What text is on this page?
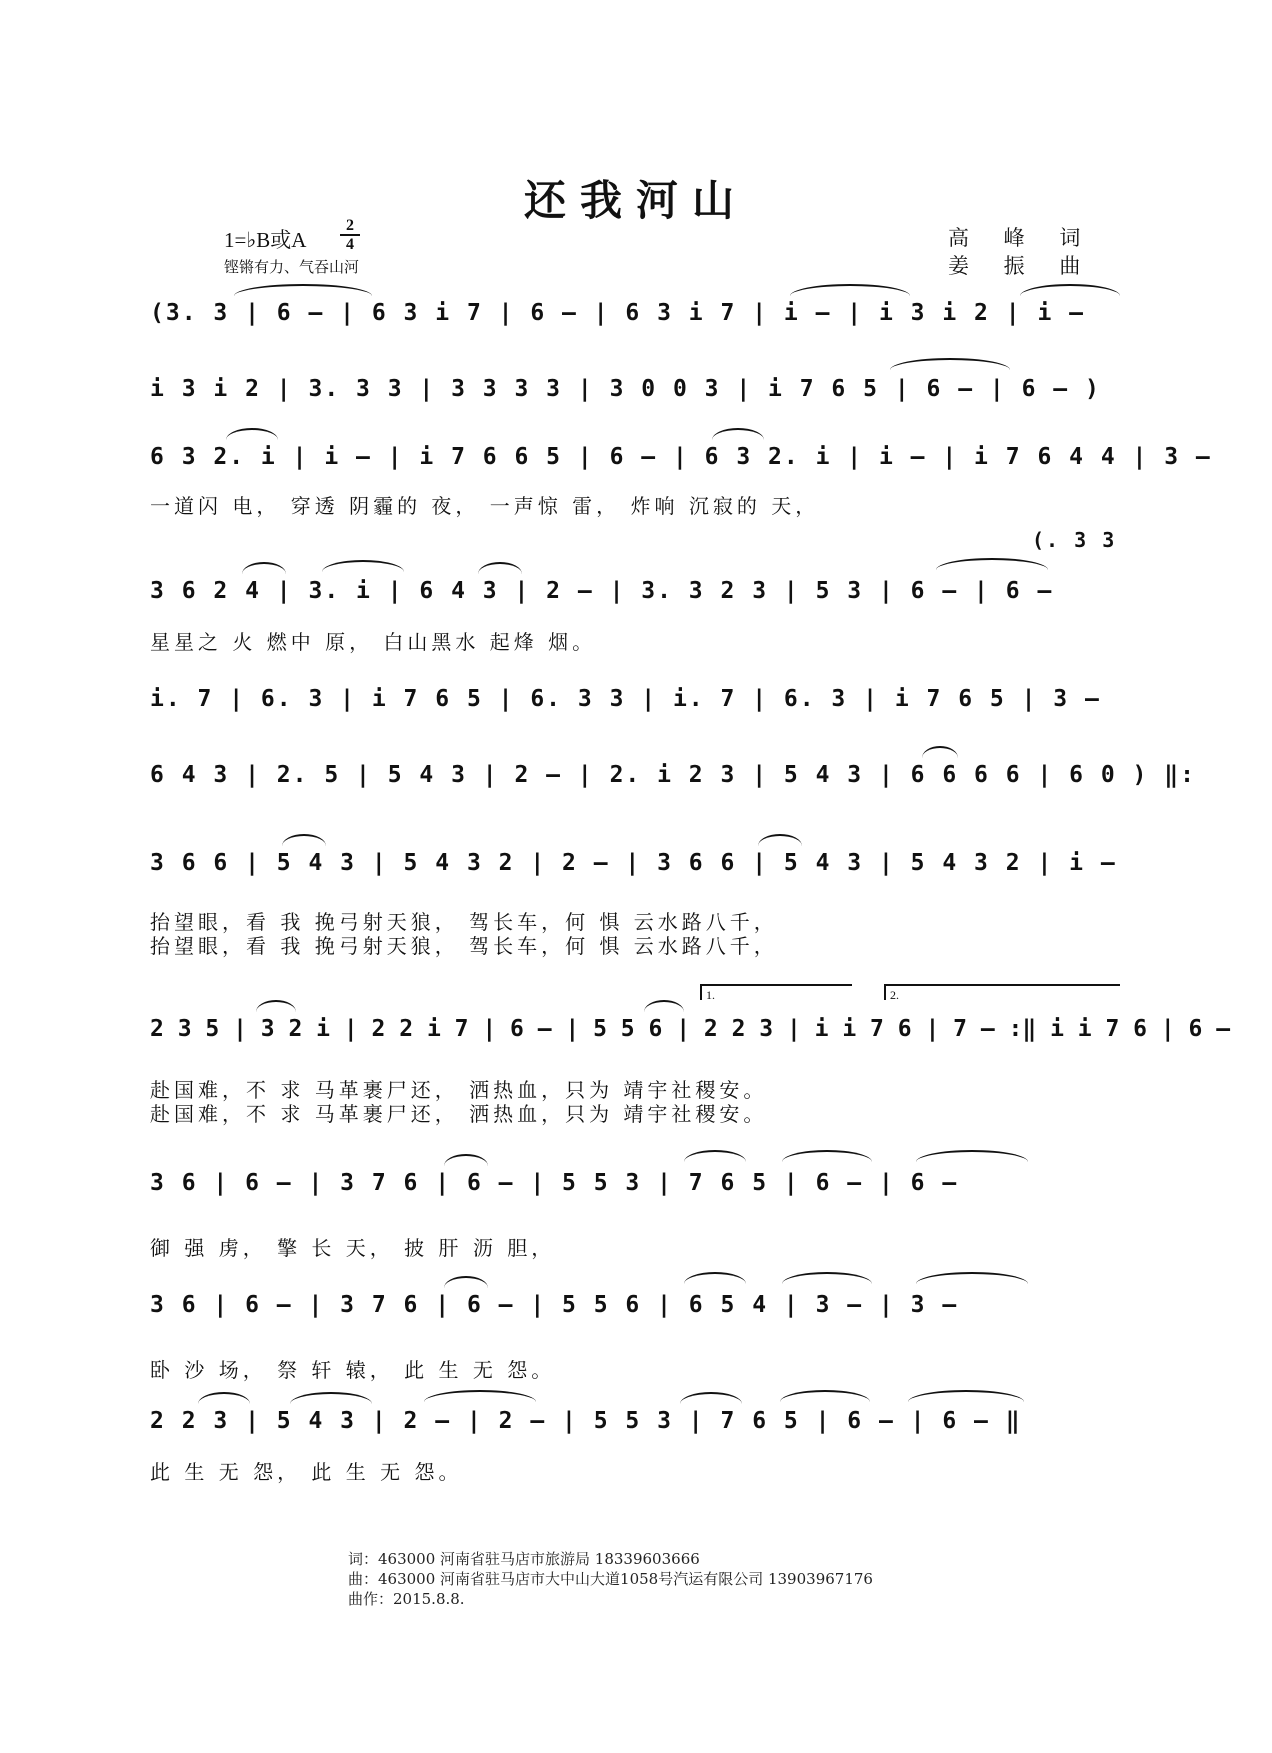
还我河山
1=♭B或A
2
4
铿锵有力、气吞山河
高 峰 词
姜 振 曲
(3. 3 | 6 – | 6 3 i 7 | 6 – | 6 3 i 7 | i – | i 3 i 2 | i –
i 3 i 2 | 3. 3 3 | 3 3 3 3 | 3 0 0 3 | i 7 6 5 | 6 – | 6 – )
6 3 2. i | i – | i 7 6 6 5 | 6 – | 6 3 2. i | i – | i 7 6 4 4 | 3 –
一道闪 电， 穿透 阴霾的 夜， 一声惊 雷， 炸响 沉寂的 天，
(. 3 3
3 6 2 4 | 3. i | 6 4 3 | 2 – | 3. 3 2 3 | 5 3 | 6 – | 6 –
星星之 火 燃中 原， 白山黑水 起烽 烟。
i. 7 | 6. 3 | i 7 6 5 | 6. 3 3 | i. 7 | 6. 3 | i 7 6 5 | 3 –
6 4 3 | 2. 5 | 5 4 3 | 2 – | 2. i 2 3 | 5 4 3 | 6 6 6 6 | 6 0 ) ‖:
3 6 6 | 5 4 3 | 5 4 3 2 | 2 – | 3 6 6 | 5 4 3 | 5 4 3 2 | i –
抬望眼，看 我 挽弓射天狼， 驾长车，何 惧 云水路八千，
抬望眼，看 我 挽弓射天狼， 驾长车，何 惧 云水路八千，
1.	2.
2 3 5 | 3 2 i | 2 2 i 7 | 6 – | 5 5 6 | 2 2 3 | i i 7 6 | 7 – :‖ i i 7 6 | 6 –
赴国难，不 求 马革裹尸还， 洒热血，只为 靖宇社稷安。
赴国难，不 求 马革裹尸还， 洒热血，只为 靖宇社稷安。
3 6 | 6 – | 3 7 6 | 6 – | 5 5 3 | 7 6 5 | 6 – | 6 –
御 强 虏， 擎 长 天， 披 肝 沥 胆，
3 6 | 6 – | 3 7 6 | 6 – | 5 5 6 | 6 5 4 | 3 – | 3 –
卧 沙 场， 祭 轩 辕， 此 生 无 怨。
2 2 3 | 5 4 3 | 2 – | 2 – | 5 5 3 | 7 6 5 | 6 – | 6 – ‖
此 生 无 怨， 此 生 无 怨。
词：463000 河南省驻马店市旅游局 18339603666
曲：463000 河南省驻马店市大中山大道1058号汽运有限公司 13903967176
曲作：2015.8.8.
